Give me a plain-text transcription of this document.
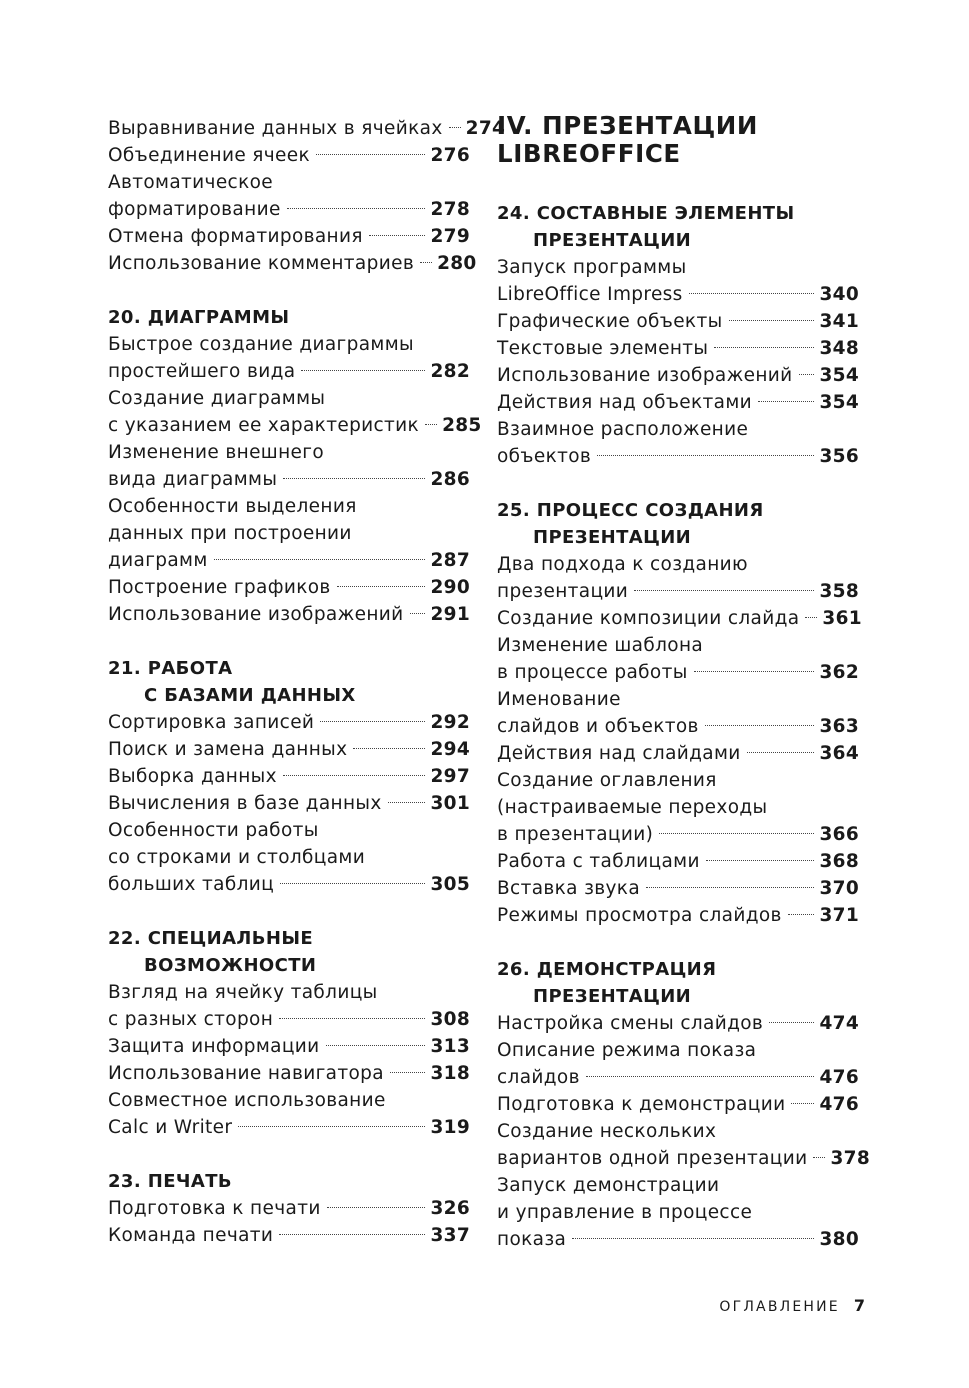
Выравнивание данных в ячейках 274
Объединение ячеек	276
Автоматическое
форматирование	278
Отмена форматирования	279
Использование комментариев 280
20. ДИАГРАММЫ
Быстрое создание диаграммы
простейшего вида	282
Создание диаграммы
с указанием ее характеристик 285
Изменение внешнего
вида диаграммы	286
Особенности выделения
данных при построении
диаграмм	287
Построение графиков	290
Использование изображений 291
21. РАБОТА
С БАЗАМИ ДАННЫХ
Сортировка записей	292
Поиск и замена данных	294
Выборка данных	297
Вычисления в базе данных	301
Особенности работы
со строками и столбцами
больших таблиц	305
22. СПЕЦИАЛЬНЫЕ
ВОЗМОЖНОСТИ
Взгляд на ячейку таблицы
с разных сторон	308
Защита информации	313
Использование навигатора	318
Совместное использование
Calc и Writer	319
23. ПЕЧАТЬ
Подготовка к печати	326
Команда печати	337
IV. ПРЕЗЕНТАЦИИ
LIBREOFFICE
24. СОСТАВНЫЕ ЭЛЕМЕНТЫ
ПРЕЗЕНТАЦИИ
Запуск программы
LibreOffice Impress	340
Графические объекты	341
Текстовые элементы	348
Использование изображений 354
Действия над объектами	354
Взаимное расположение
объектов	356
25. ПРОЦЕСС СОЗДАНИЯ
ПРЕЗЕНТАЦИИ
Два подхода к созданию
презентации	358
Создание композиции слайда 361
Изменение шаблона
в процессе работы	362
Именование
слайдов и объектов	363
Действия над слайдами	364
Создание оглавления
(настраиваемые переходы
в презентации)	366
Работа с таблицами	368
Вставка звука	370
Режимы просмотра слайдов 371
26. ДЕМОНСТРАЦИЯ
ПРЕЗЕНТАЦИИ
Настройка смены слайдов	474
Описание режима показа
слайдов	476
Подготовка к демонстрации 476
Создание нескольких
вариантов одной презентации 378
Запуск демонстрации
и управление в процессе
показа	380
ОГЛАВЛЕНИЕ 7
